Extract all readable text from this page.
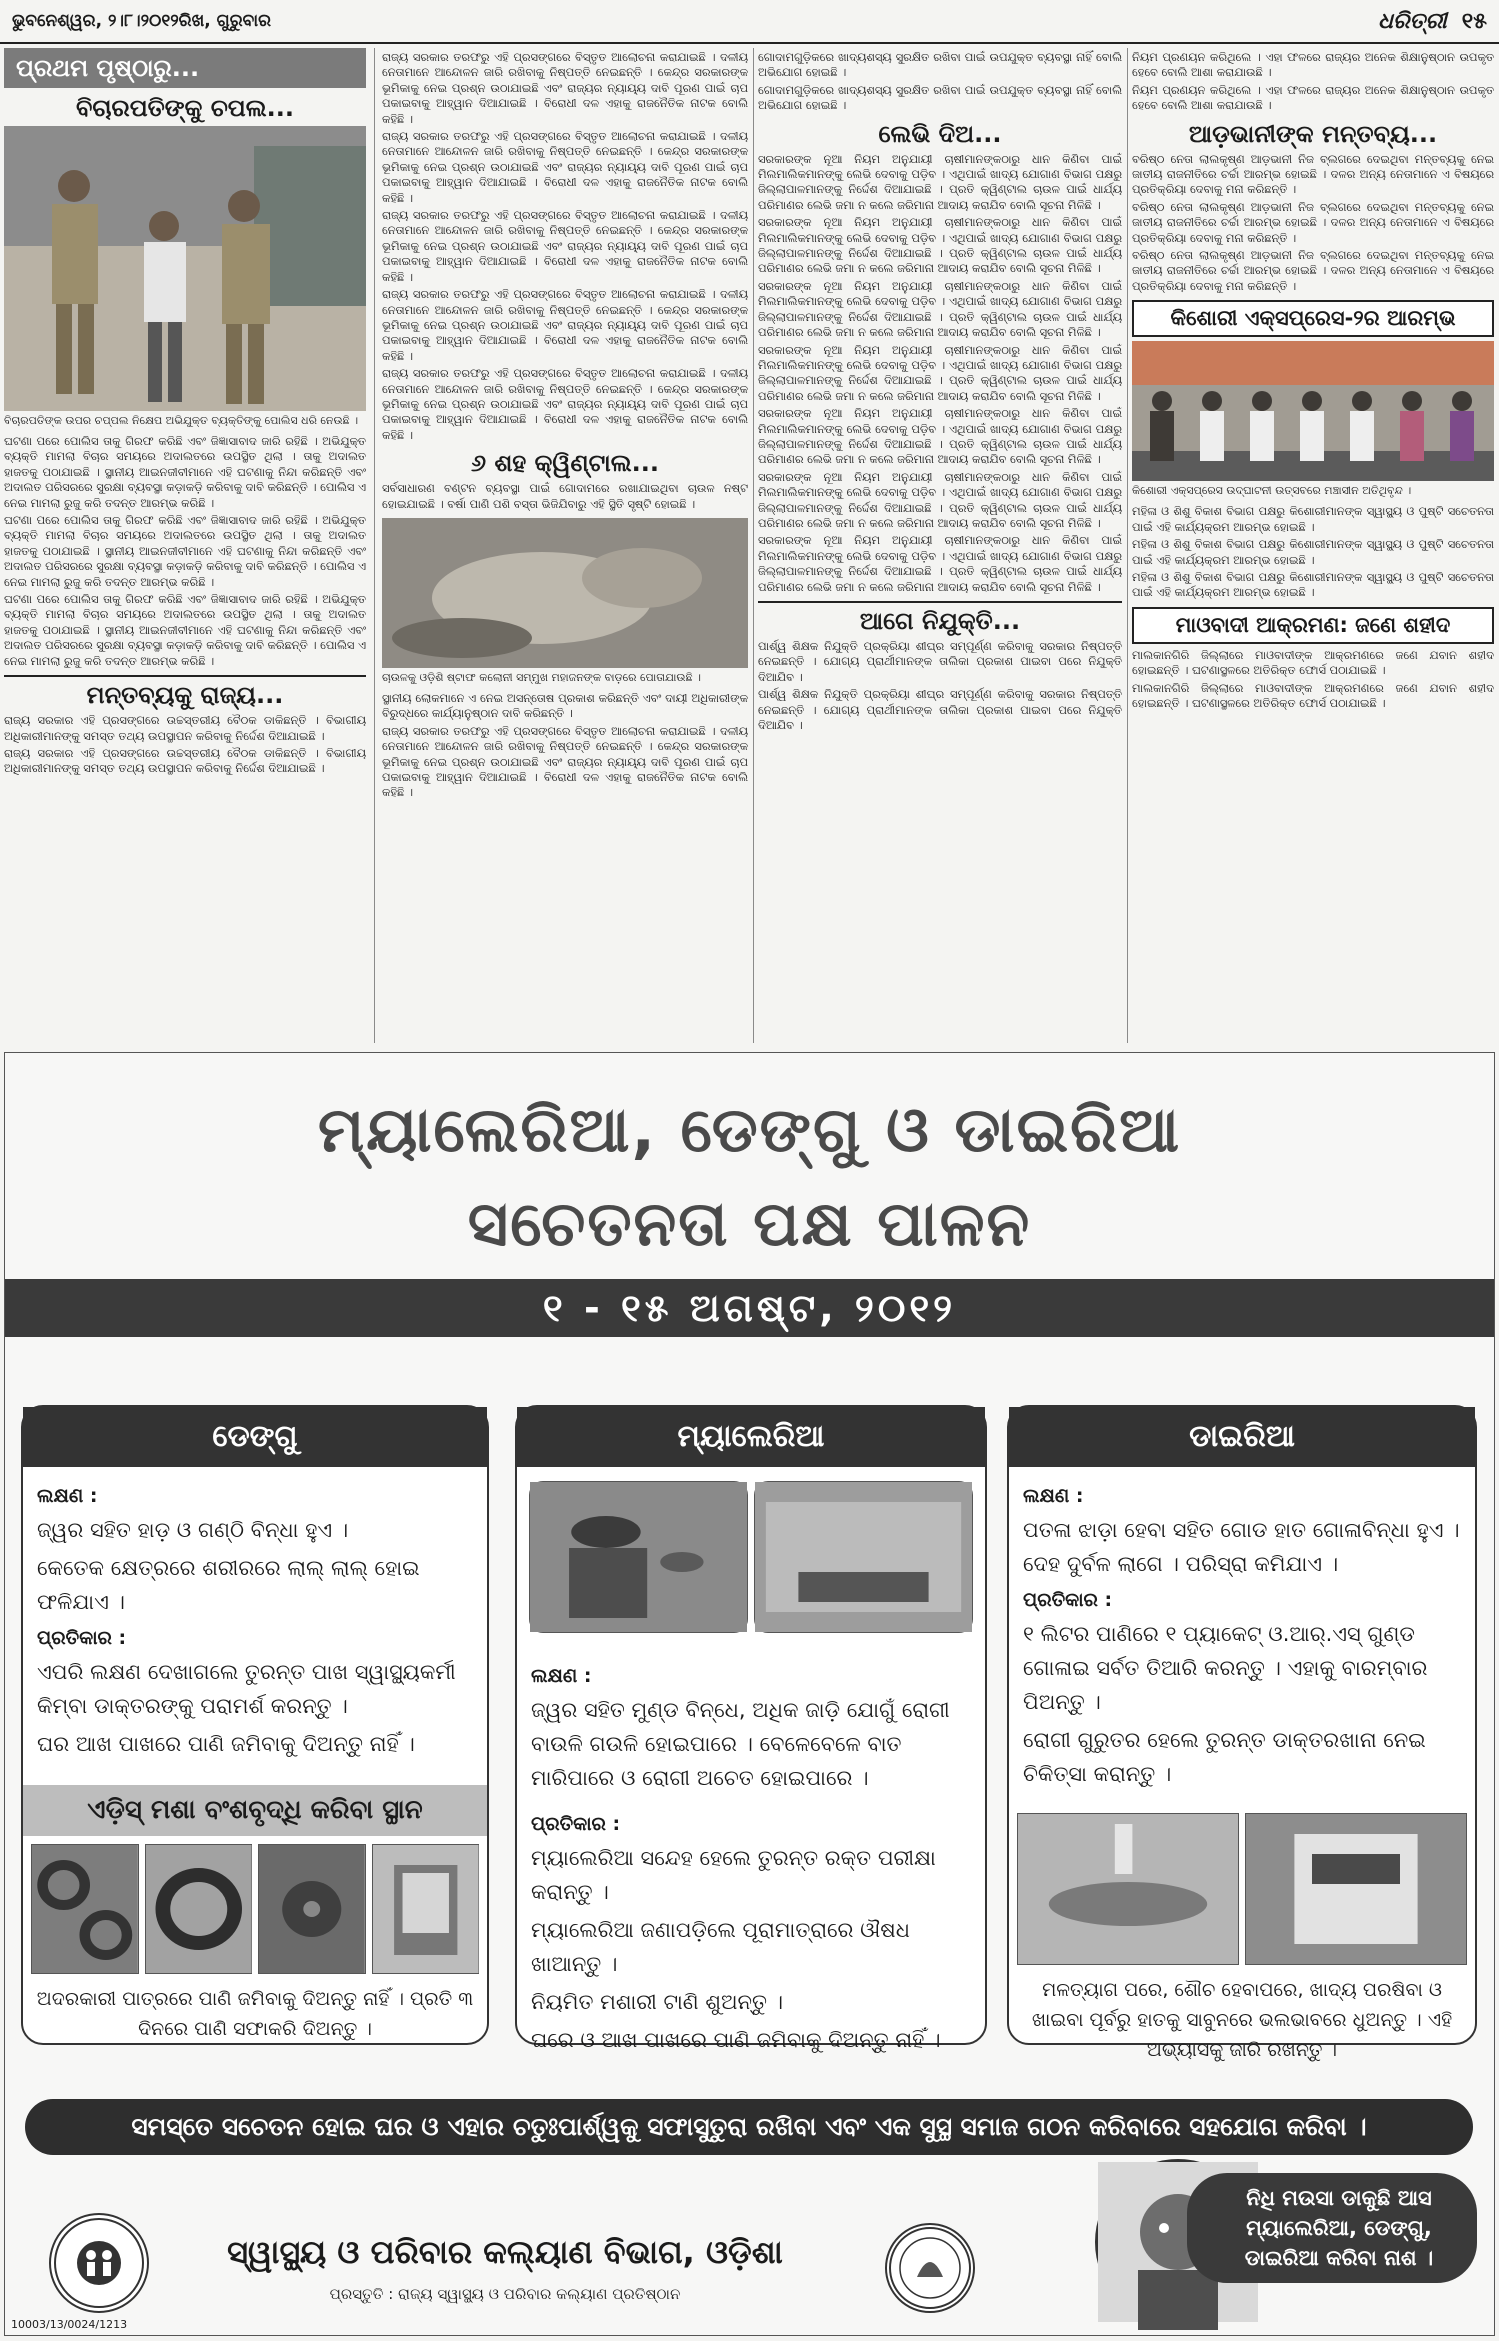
ଭୁବନେଶ୍ୱର, ୨।୮।୨୦୧୨ରିଖ, ଗୁରୁବାର	ଧରିତ୍ରୀ ୧୫
ପ୍ରଥମ ପୃଷ୍ଠାରୁ...
ବିଚାରପତିଙ୍କୁ ଚପଲ...
ବିଚାରପତିଙ୍କ ଉପର ଚପ୍ପଲ ନିକ୍ଷେପ ଅଭିଯୁକ୍ତ ବ୍ୟକ୍ତିଙ୍କୁ ପୋଲିସ ଧରି ନେଉଛି ।

ଘଟଣା ପରେ ପୋଲିସ ତାକୁ ଗିରଫ କରିଛି ଏବଂ ଜିଜ୍ଞାସାବାଦ ଜାରି ରହିଛି । ଅଭିଯୁକ୍ତ ବ୍ୟକ୍ତି ମାମଲା ବିଚାର ସମୟରେ ଅଦାଲତରେ ଉପସ୍ଥିତ ଥିଲା । ତାକୁ ଅଦାଲତ ହାଜତକୁ ପଠାଯାଇଛି । ସ୍ଥାନୀୟ ଆଇନଜୀବୀମାନେ ଏହି ଘଟଣାକୁ ନିନ୍ଦା କରିଛନ୍ତି ଏବଂ ଅଦାଲତ ପରିସରରେ ସୁରକ୍ଷା ବ୍ୟବସ୍ଥା କଡ଼ାକଡ଼ି କରିବାକୁ ଦାବି କରିଛନ୍ତି । ପୋଲିସ ଏ ନେଇ ମାମଲା ରୁଜୁ କରି ତଦନ୍ତ ଆରମ୍ଭ କରିଛି ।

ଘଟଣା ପରେ ପୋଲିସ ତାକୁ ଗିରଫ କରିଛି ଏବଂ ଜିଜ୍ଞାସାବାଦ ଜାରି ରହିଛି । ଅଭିଯୁକ୍ତ ବ୍ୟକ୍ତି ମାମଲା ବିଚାର ସମୟରେ ଅଦାଲତରେ ଉପସ୍ଥିତ ଥିଲା । ତାକୁ ଅଦାଲତ ହାଜତକୁ ପଠାଯାଇଛି । ସ୍ଥାନୀୟ ଆଇନଜୀବୀମାନେ ଏହି ଘଟଣାକୁ ନିନ୍ଦା କରିଛନ୍ତି ଏବଂ ଅଦାଲତ ପରିସରରେ ସୁରକ୍ଷା ବ୍ୟବସ୍ଥା କଡ଼ାକଡ଼ି କରିବାକୁ ଦାବି କରିଛନ୍ତି । ପୋଲିସ ଏ ନେଇ ମାମଲା ରୁଜୁ କରି ତଦନ୍ତ ଆରମ୍ଭ କରିଛି ।

ଘଟଣା ପରେ ପୋଲିସ ତାକୁ ଗିରଫ କରିଛି ଏବଂ ଜିଜ୍ଞାସାବାଦ ଜାରି ରହିଛି । ଅଭିଯୁକ୍ତ ବ୍ୟକ୍ତି ମାମଲା ବିଚାର ସମୟରେ ଅଦାଲତରେ ଉପସ୍ଥିତ ଥିଲା । ତାକୁ ଅଦାଲତ ହାଜତକୁ ପଠାଯାଇଛି । ସ୍ଥାନୀୟ ଆଇନଜୀବୀମାନେ ଏହି ଘଟଣାକୁ ନିନ୍ଦା କରିଛନ୍ତି ଏବଂ ଅଦାଲତ ପରିସରରେ ସୁରକ୍ଷା ବ୍ୟବସ୍ଥା କଡ଼ାକଡ଼ି କରିବାକୁ ଦାବି କରିଛନ୍ତି । ପୋଲିସ ଏ ନେଇ ମାମଲା ରୁଜୁ କରି ତଦନ୍ତ ଆରମ୍ଭ କରିଛି ।

ମନ୍ତବ୍ୟକୁ ରାଜ୍ୟ...

ରାଜ୍ୟ ସରକାର ଏହି ପ୍ରସଙ୍ଗରେ ଉଚ୍ଚସ୍ତରୀୟ ବୈଠକ ଡାକିଛନ୍ତି । ବିଭାଗୀୟ ଅଧିକାରୀମାନଙ୍କୁ ସମସ୍ତ ତଥ୍ୟ ଉପସ୍ଥାପନ କରିବାକୁ ନିର୍ଦ୍ଦେଶ ଦିଆଯାଇଛି ।

ରାଜ୍ୟ ସରକାର ଏହି ପ୍ରସଙ୍ଗରେ ଉଚ୍ଚସ୍ତରୀୟ ବୈଠକ ଡାକିଛନ୍ତି । ବିଭାଗୀୟ ଅଧିକାରୀମାନଙ୍କୁ ସମସ୍ତ ତଥ୍ୟ ଉପସ୍ଥାପନ କରିବାକୁ ନିର୍ଦ୍ଦେଶ ଦିଆଯାଇଛି ।

ରାଜ୍ୟ ସରକାର ତରଫରୁ ଏହି ପ୍ରସଙ୍ଗରେ ବିସ୍ତୃତ ଆଲୋଚନା କରାଯାଇଛି । ଦଳୀୟ ନେତାମାନେ ଆନ୍ଦୋଳନ ଜାରି ରଖିବାକୁ ନିଷ୍ପତ୍ତି ନେଇଛନ୍ତି । କେନ୍ଦ୍ର ସରକାରଙ୍କ ଭୂମିକାକୁ ନେଇ ପ୍ରଶ୍ନ ଉଠାଯାଇଛି ଏବଂ ରାଜ୍ୟର ନ୍ୟାୟ୍ୟ ଦାବି ପୂରଣ ପାଇଁ ଚାପ ପକାଇବାକୁ ଆହ୍ୱାନ ଦିଆଯାଇଛି । ବିରୋଧୀ ଦଳ ଏହାକୁ ରାଜନୈତିକ ନାଟକ ବୋଲି କହିଛି ।

ରାଜ୍ୟ ସରକାର ତରଫରୁ ଏହି ପ୍ରସଙ୍ଗରେ ବିସ୍ତୃତ ଆଲୋଚନା କରାଯାଇଛି । ଦଳୀୟ ନେତାମାନେ ଆନ୍ଦୋଳନ ଜାରି ରଖିବାକୁ ନିଷ୍ପତ୍ତି ନେଇଛନ୍ତି । କେନ୍ଦ୍ର ସରକାରଙ୍କ ଭୂମିକାକୁ ନେଇ ପ୍ରଶ୍ନ ଉଠାଯାଇଛି ଏବଂ ରାଜ୍ୟର ନ୍ୟାୟ୍ୟ ଦାବି ପୂରଣ ପାଇଁ ଚାପ ପକାଇବାକୁ ଆହ୍ୱାନ ଦିଆଯାଇଛି । ବିରୋଧୀ ଦଳ ଏହାକୁ ରାଜନୈତିକ ନାଟକ ବୋଲି କହିଛି ।

ରାଜ୍ୟ ସରକାର ତରଫରୁ ଏହି ପ୍ରସଙ୍ଗରେ ବିସ୍ତୃତ ଆଲୋଚନା କରାଯାଇଛି । ଦଳୀୟ ନେତାମାନେ ଆନ୍ଦୋଳନ ଜାରି ରଖିବାକୁ ନିଷ୍ପତ୍ତି ନେଇଛନ୍ତି । କେନ୍ଦ୍ର ସରକାରଙ୍କ ଭୂମିକାକୁ ନେଇ ପ୍ରଶ୍ନ ଉଠାଯାଇଛି ଏବଂ ରାଜ୍ୟର ନ୍ୟାୟ୍ୟ ଦାବି ପୂରଣ ପାଇଁ ଚାପ ପକାଇବାକୁ ଆହ୍ୱାନ ଦିଆଯାଇଛି । ବିରୋଧୀ ଦଳ ଏହାକୁ ରାଜନୈତିକ ନାଟକ ବୋଲି କହିଛି ।

ରାଜ୍ୟ ସରକାର ତରଫରୁ ଏହି ପ୍ରସଙ୍ଗରେ ବିସ୍ତୃତ ଆଲୋଚନା କରାଯାଇଛି । ଦଳୀୟ ନେତାମାନେ ଆନ୍ଦୋଳନ ଜାରି ରଖିବାକୁ ନିଷ୍ପତ୍ତି ନେଇଛନ୍ତି । କେନ୍ଦ୍ର ସରକାରଙ୍କ ଭୂମିକାକୁ ନେଇ ପ୍ରଶ୍ନ ଉଠାଯାଇଛି ଏବଂ ରାଜ୍ୟର ନ୍ୟାୟ୍ୟ ଦାବି ପୂରଣ ପାଇଁ ଚାପ ପକାଇବାକୁ ଆହ୍ୱାନ ଦିଆଯାଇଛି । ବିରୋଧୀ ଦଳ ଏହାକୁ ରାଜନୈତିକ ନାଟକ ବୋଲି କହିଛି ।

ରାଜ୍ୟ ସରକାର ତରଫରୁ ଏହି ପ୍ରସଙ୍ଗରେ ବିସ୍ତୃତ ଆଲୋଚନା କରାଯାଇଛି । ଦଳୀୟ ନେତାମାନେ ଆନ୍ଦୋଳନ ଜାରି ରଖିବାକୁ ନିଷ୍ପତ୍ତି ନେଇଛନ୍ତି । କେନ୍ଦ୍ର ସରକାରଙ୍କ ଭୂମିକାକୁ ନେଇ ପ୍ରଶ୍ନ ଉଠାଯାଇଛି ଏବଂ ରାଜ୍ୟର ନ୍ୟାୟ୍ୟ ଦାବି ପୂରଣ ପାଇଁ ଚାପ ପକାଇବାକୁ ଆହ୍ୱାନ ଦିଆଯାଇଛି । ବିରୋଧୀ ଦଳ ଏହାକୁ ରାଜନୈତିକ ନାଟକ ବୋଲି କହିଛି ।

୬ ଶହ କ୍ୱିଣ୍ଟାଲ...

ସର୍ବସାଧାରଣ ବଣ୍ଟନ ବ୍ୟବସ୍ଥା ପାଇଁ ଗୋଦାମରେ ରଖାଯାଇଥିବା ଚାଉଳ ନଷ୍ଟ ହୋଇଯାଇଛି । ବର୍ଷା ପାଣି ପଶି ବସ୍ତା ଭିଜିଯିବାରୁ ଏହି ସ୍ଥିତି ସୃଷ୍ଟି ହୋଇଛି ।

ଚାଉଳକୁ ଓଡ଼ିଶି ଷ୍ଟାଫ କଲୋନୀ ସମ୍ମୁଖ ମହାଜନଙ୍କ ବାଡ଼ରେ ପୋତାଯାଉଛି ।

ସ୍ଥାନୀୟ ଲୋକମାନେ ଏ ନେଇ ଅସନ୍ତୋଷ ପ୍ରକାଶ କରିଛନ୍ତି ଏବଂ ଦାୟୀ ଅଧିକାରୀଙ୍କ ବିରୁଦ୍ଧରେ କାର୍ଯ୍ୟାନୁଷ୍ଠାନ ଦାବି କରିଛନ୍ତି ।

ରାଜ୍ୟ ସରକାର ତରଫରୁ ଏହି ପ୍ରସଙ୍ଗରେ ବିସ୍ତୃତ ଆଲୋଚନା କରାଯାଇଛି । ଦଳୀୟ ନେତାମାନେ ଆନ୍ଦୋଳନ ଜାରି ରଖିବାକୁ ନିଷ୍ପତ୍ତି ନେଇଛନ୍ତି । କେନ୍ଦ୍ର ସରକାରଙ୍କ ଭୂମିକାକୁ ନେଇ ପ୍ରଶ୍ନ ଉଠାଯାଇଛି ଏବଂ ରାଜ୍ୟର ନ୍ୟାୟ୍ୟ ଦାବି ପୂରଣ ପାଇଁ ଚାପ ପକାଇବାକୁ ଆହ୍ୱାନ ଦିଆଯାଇଛି । ବିରୋଧୀ ଦଳ ଏହାକୁ ରାଜନୈତିକ ନାଟକ ବୋଲି କହିଛି ।

ଗୋଦାମଗୁଡ଼ିକରେ ଖାଦ୍ୟଶସ୍ୟ ସୁରକ୍ଷିତ ରଖିବା ପାଇଁ ଉପଯୁକ୍ତ ବ୍ୟବସ୍ଥା ନାହିଁ ବୋଲି ଅଭିଯୋଗ ହୋଇଛି ।

ଗୋଦାମଗୁଡ଼ିକରେ ଖାଦ୍ୟଶସ୍ୟ ସୁରକ୍ଷିତ ରଖିବା ପାଇଁ ଉପଯୁକ୍ତ ବ୍ୟବସ୍ଥା ନାହିଁ ବୋଲି ଅଭିଯୋଗ ହୋଇଛି ।

ଲେଭି ଦିଅ...

ସରକାରଙ୍କ ନୂଆ ନିୟମ ଅନୁଯାୟୀ ଚାଷୀମାନଙ୍କଠାରୁ ଧାନ କିଣିବା ପାଇଁ ମିଲମାଲିକମାନଙ୍କୁ ଲେଭି ଦେବାକୁ ପଡ଼ିବ । ଏଥିପାଇଁ ଖାଦ୍ୟ ଯୋଗାଣ ବିଭାଗ ପକ୍ଷରୁ ଜିଲ୍ଲାପାଳମାନଙ୍କୁ ନିର୍ଦ୍ଦେଶ ଦିଆଯାଇଛି । ପ୍ରତି କ୍ୱିଣ୍ଟାଲ ଚାଉଳ ପାଇଁ ଧାର୍ଯ୍ୟ ପରିମାଣର ଲେଭି ଜମା ନ କଲେ ଜରିମାନା ଆଦାୟ କରାଯିବ ବୋଲି ସୂଚନା ମିଳିଛି ।

ସରକାରଙ୍କ ନୂଆ ନିୟମ ଅନୁଯାୟୀ ଚାଷୀମାନଙ୍କଠାରୁ ଧାନ କିଣିବା ପାଇଁ ମିଲମାଲିକମାନଙ୍କୁ ଲେଭି ଦେବାକୁ ପଡ଼ିବ । ଏଥିପାଇଁ ଖାଦ୍ୟ ଯୋଗାଣ ବିଭାଗ ପକ୍ଷରୁ ଜିଲ୍ଲାପାଳମାନଙ୍କୁ ନିର୍ଦ୍ଦେଶ ଦିଆଯାଇଛି । ପ୍ରତି କ୍ୱିଣ୍ଟାଲ ଚାଉଳ ପାଇଁ ଧାର୍ଯ୍ୟ ପରିମାଣର ଲେଭି ଜମା ନ କଲେ ଜରିମାନା ଆଦାୟ କରାଯିବ ବୋଲି ସୂଚନା ମିଳିଛି ।

ସରକାରଙ୍କ ନୂଆ ନିୟମ ଅନୁଯାୟୀ ଚାଷୀମାନଙ୍କଠାରୁ ଧାନ କିଣିବା ପାଇଁ ମିଲମାଲିକମାନଙ୍କୁ ଲେଭି ଦେବାକୁ ପଡ଼ିବ । ଏଥିପାଇଁ ଖାଦ୍ୟ ଯୋଗାଣ ବିଭାଗ ପକ୍ଷରୁ ଜିଲ୍ଲାପାଳମାନଙ୍କୁ ନିର୍ଦ୍ଦେଶ ଦିଆଯାଇଛି । ପ୍ରତି କ୍ୱିଣ୍ଟାଲ ଚାଉଳ ପାଇଁ ଧାର୍ଯ୍ୟ ପରିମାଣର ଲେଭି ଜମା ନ କଲେ ଜରିମାନା ଆଦାୟ କରାଯିବ ବୋଲି ସୂଚନା ମିଳିଛି ।

ସରକାରଙ୍କ ନୂଆ ନିୟମ ଅନୁଯାୟୀ ଚାଷୀମାନଙ୍କଠାରୁ ଧାନ କିଣିବା ପାଇଁ ମିଲମାଲିକମାନଙ୍କୁ ଲେଭି ଦେବାକୁ ପଡ଼ିବ । ଏଥିପାଇଁ ଖାଦ୍ୟ ଯୋଗାଣ ବିଭାଗ ପକ୍ଷରୁ ଜିଲ୍ଲାପାଳମାନଙ୍କୁ ନିର୍ଦ୍ଦେଶ ଦିଆଯାଇଛି । ପ୍ରତି କ୍ୱିଣ୍ଟାଲ ଚାଉଳ ପାଇଁ ଧାର୍ଯ୍ୟ ପରିମାଣର ଲେଭି ଜମା ନ କଲେ ଜରିମାନା ଆଦାୟ କରାଯିବ ବୋଲି ସୂଚନା ମିଳିଛି ।

ସରକାରଙ୍କ ନୂଆ ନିୟମ ଅନୁଯାୟୀ ଚାଷୀମାନଙ୍କଠାରୁ ଧାନ କିଣିବା ପାଇଁ ମିଲମାଲିକମାନଙ୍କୁ ଲେଭି ଦେବାକୁ ପଡ଼ିବ । ଏଥିପାଇଁ ଖାଦ୍ୟ ଯୋଗାଣ ବିଭାଗ ପକ୍ଷରୁ ଜିଲ୍ଲାପାଳମାନଙ୍କୁ ନିର୍ଦ୍ଦେଶ ଦିଆଯାଇଛି । ପ୍ରତି କ୍ୱିଣ୍ଟାଲ ଚାଉଳ ପାଇଁ ଧାର୍ଯ୍ୟ ପରିମାଣର ଲେଭି ଜମା ନ କଲେ ଜରିମାନା ଆଦାୟ କରାଯିବ ବୋଲି ସୂଚନା ମିଳିଛି ।

ସରକାରଙ୍କ ନୂଆ ନିୟମ ଅନୁଯାୟୀ ଚାଷୀମାନଙ୍କଠାରୁ ଧାନ କିଣିବା ପାଇଁ ମିଲମାଲିକମାନଙ୍କୁ ଲେଭି ଦେବାକୁ ପଡ଼ିବ । ଏଥିପାଇଁ ଖାଦ୍ୟ ଯୋଗାଣ ବିଭାଗ ପକ୍ଷରୁ ଜିଲ୍ଲାପାଳମାନଙ୍କୁ ନିର୍ଦ୍ଦେଶ ଦିଆଯାଇଛି । ପ୍ରତି କ୍ୱିଣ୍ଟାଲ ଚାଉଳ ପାଇଁ ଧାର୍ଯ୍ୟ ପରିମାଣର ଲେଭି ଜମା ନ କଲେ ଜରିମାନା ଆଦାୟ କରାଯିବ ବୋଲି ସୂଚନା ମିଳିଛି ।

ସରକାରଙ୍କ ନୂଆ ନିୟମ ଅନୁଯାୟୀ ଚାଷୀମାନଙ୍କଠାରୁ ଧାନ କିଣିବା ପାଇଁ ମିଲମାଲିକମାନଙ୍କୁ ଲେଭି ଦେବାକୁ ପଡ଼ିବ । ଏଥିପାଇଁ ଖାଦ୍ୟ ଯୋଗାଣ ବିଭାଗ ପକ୍ଷରୁ ଜିଲ୍ଲାପାଳମାନଙ୍କୁ ନିର୍ଦ୍ଦେଶ ଦିଆଯାଇଛି । ପ୍ରତି କ୍ୱିଣ୍ଟାଲ ଚାଉଳ ପାଇଁ ଧାର୍ଯ୍ୟ ପରିମାଣର ଲେଭି ଜମା ନ କଲେ ଜରିମାନା ଆଦାୟ କରାଯିବ ବୋଲି ସୂଚନା ମିଳିଛି ।

ଆଗେ ନିଯୁକ୍ତି...

ପାର୍ଶ୍ୱ ଶିକ୍ଷକ ନିଯୁକ୍ତି ପ୍ରକ୍ରିୟା ଶୀଘ୍ର ସମ୍ପୂର୍ଣ୍ଣ କରିବାକୁ ସରକାର ନିଷ୍ପତ୍ତି ନେଇଛନ୍ତି । ଯୋଗ୍ୟ ପ୍ରାର୍ଥୀମାନଙ୍କ ତାଲିକା ପ୍ରକାଶ ପାଇବା ପରେ ନିଯୁକ୍ତି ଦିଆଯିବ ।

ପାର୍ଶ୍ୱ ଶିକ୍ଷକ ନିଯୁକ୍ତି ପ୍ରକ୍ରିୟା ଶୀଘ୍ର ସମ୍ପୂର୍ଣ୍ଣ କରିବାକୁ ସରକାର ନିଷ୍ପତ୍ତି ନେଇଛନ୍ତି । ଯୋଗ୍ୟ ପ୍ରାର୍ଥୀମାନଙ୍କ ତାଲିକା ପ୍ରକାଶ ପାଇବା ପରେ ନିଯୁକ୍ତି ଦିଆଯିବ ।

ନିୟମ ପ୍ରଣୟନ କରିଥିଲେ । ଏହା ଫଳରେ ରାଜ୍ୟର ଅନେକ ଶିକ୍ଷାନୁଷ୍ଠାନ ଉପକୃତ ହେବେ ବୋଲି ଆଶା କରାଯାଉଛି ।

ନିୟମ ପ୍ରଣୟନ କରିଥିଲେ । ଏହା ଫଳରେ ରାଜ୍ୟର ଅନେକ ଶିକ୍ଷାନୁଷ୍ଠାନ ଉପକୃତ ହେବେ ବୋଲି ଆଶା କରାଯାଉଛି ।

ଆଡ଼ଭାନୀଙ୍କ ମନ୍ତବ୍ୟ...

ବରିଷ୍ଠ ନେତା ଲାଲକୃଷ୍ଣ ଆଡ଼ଭାନୀ ନିଜ ବ୍ଲଗରେ ଦେଇଥିବା ମନ୍ତବ୍ୟକୁ ନେଇ ଜାତୀୟ ରାଜନୀତିରେ ଚର୍ଚ୍ଚା ଆରମ୍ଭ ହୋଇଛି । ଦଳର ଅନ୍ୟ ନେତାମାନେ ଏ ବିଷୟରେ ପ୍ରତିକ୍ରିୟା ଦେବାକୁ ମନା କରିଛନ୍ତି ।

ବରିଷ୍ଠ ନେତା ଲାଲକୃଷ୍ଣ ଆଡ଼ଭାନୀ ନିଜ ବ୍ଲଗରେ ଦେଇଥିବା ମନ୍ତବ୍ୟକୁ ନେଇ ଜାତୀୟ ରାଜନୀତିରେ ଚର୍ଚ୍ଚା ଆରମ୍ଭ ହୋଇଛି । ଦଳର ଅନ୍ୟ ନେତାମାନେ ଏ ବିଷୟରେ ପ୍ରତିକ୍ରିୟା ଦେବାକୁ ମନା କରିଛନ୍ତି ।

ବରିଷ୍ଠ ନେତା ଲାଲକୃଷ୍ଣ ଆଡ଼ଭାନୀ ନିଜ ବ୍ଲଗରେ ଦେଇଥିବା ମନ୍ତବ୍ୟକୁ ନେଇ ଜାତୀୟ ରାଜନୀତିରେ ଚର୍ଚ୍ଚା ଆରମ୍ଭ ହୋଇଛି । ଦଳର ଅନ୍ୟ ନେତାମାନେ ଏ ବିଷୟରେ ପ୍ରତିକ୍ରିୟା ଦେବାକୁ ମନା କରିଛନ୍ତି ।

କିଶୋରୀ ଏକ୍ସପ୍ରେସ-୨ର ଆରମ୍ଭ
କିଶୋରୀ ଏକ୍ସପ୍ରେସ ଉଦ୍‌ଘାଟନୀ ଉତ୍ସବରେ ମଞ୍ଚାସୀନ ଅତିଥିବୃନ୍ଦ ।

ମହିଳା ଓ ଶିଶୁ ବିକାଶ ବିଭାଗ ପକ୍ଷରୁ କିଶୋରୀମାନଙ୍କ ସ୍ୱାସ୍ଥ୍ୟ ଓ ପୁଷ୍ଟି ସଚେତନତା ପାଇଁ ଏହି କାର୍ଯ୍ୟକ୍ରମ ଆରମ୍ଭ ହୋଇଛି ।

ମହିଳା ଓ ଶିଶୁ ବିକାଶ ବିଭାଗ ପକ୍ଷରୁ କିଶୋରୀମାନଙ୍କ ସ୍ୱାସ୍ଥ୍ୟ ଓ ପୁଷ୍ଟି ସଚେତନତା ପାଇଁ ଏହି କାର୍ଯ୍ୟକ୍ରମ ଆରମ୍ଭ ହୋଇଛି ।

ମହିଳା ଓ ଶିଶୁ ବିକାଶ ବିଭାଗ ପକ୍ଷରୁ କିଶୋରୀମାନଙ୍କ ସ୍ୱାସ୍ଥ୍ୟ ଓ ପୁଷ୍ଟି ସଚେତନତା ପାଇଁ ଏହି କାର୍ଯ୍ୟକ୍ରମ ଆରମ୍ଭ ହୋଇଛି ।

ମାଓବାଦୀ ଆକ୍ରମଣ: ଜଣେ ଶହୀଦ

ମାଲକାନଗିରି ଜିଲ୍ଲାରେ ମାଓବାଦୀଙ୍କ ଆକ୍ରମଣରେ ଜଣେ ଯବାନ ଶହୀଦ ହୋଇଛନ୍ତି । ଘଟଣାସ୍ଥଳରେ ଅତିରିକ୍ତ ଫୋର୍ସ ପଠାଯାଇଛି ।

ମାଲକାନଗିରି ଜିଲ୍ଲାରେ ମାଓବାଦୀଙ୍କ ଆକ୍ରମଣରେ ଜଣେ ଯବାନ ଶହୀଦ ହୋଇଛନ୍ତି । ଘଟଣାସ୍ଥଳରେ ଅତିରିକ୍ତ ଫୋର୍ସ ପଠାଯାଇଛି ।

ମ୍ୟାଲେରିଆ, ଡେଙ୍ଗୁ ଓ ଡାଇରିଆ
ସଚେତନତା ପକ୍ଷ ପାଳନ
୧ - ୧୫ ଅଗଷ୍ଟ, ୨୦୧୨
ଡେଙ୍ଗୁ
ଲକ୍ଷଣ :

ଜ୍ୱର ସହିତ ହାଡ଼ ଓ ଗଣ୍ଠି ବିନ୍ଧା ହୁଏ ।

କେତେକ କ୍ଷେତ୍ରରେ ଶରୀରରେ ଲାଲ୍ ଲାଲ୍ ହୋଇ ଫଳିଯାଏ ।

ପ୍ରତିକାର :

ଏପରି ଲକ୍ଷଣ ଦେଖାଗଲେ ତୁରନ୍ତ ପାଖ ସ୍ୱାସ୍ଥ୍ୟକର୍ମୀ କିମ୍ବା ଡାକ୍ତରଙ୍କୁ ପରାମର୍ଶ କରନ୍ତୁ ।

ଘର ଆଖ ପାଖରେ ପାଣି ଜମିବାକୁ ଦିଅନ୍ତୁ ନାହିଁ ।

ଏଡ଼ିସ୍ ମଶା ବଂଶବୃଦ୍ଧି କରିବା ସ୍ଥାନ
ଅଦରକାରୀ ପାତ୍ରରେ ପାଣି ଜମିବାକୁ ଦିଅନ୍ତୁ ନାହିଁ । ପ୍ରତି ୩ ଦିନରେ ପାଣି ସଫାକରି ଦିଅନ୍ତୁ ।
ମ୍ୟାଲେରିଆ
ଲକ୍ଷଣ :

ଜ୍ୱର ସହିତ ମୁଣ୍ଡ ବିନ୍ଧେ, ଅଧିକ ଜାଡ଼ି ଯୋଗୁଁ ରୋଗୀ ବାଉଳି ଗଉଳି ହୋଇପାରେ । ବେଳେବେଳେ ବାତ ମାରିପାରେ ଓ ରୋଗୀ ଅଚେତ ହୋଇପାରେ ।

ପ୍ରତିକାର :

ମ୍ୟାଲେରିଆ ସନ୍ଦେହ ହେଲେ ତୁରନ୍ତ ରକ୍ତ ପରୀକ୍ଷା କରାନ୍ତୁ ।

ମ୍ୟାଲେରିଆ ଜଣାପଡ଼ିଲେ ପୂରାମାତ୍ରାରେ ଔଷଧ ଖାଆନ୍ତୁ ।

ନିୟମିତ ମଶାରୀ ଟାଣି ଶୁଅନ୍ତୁ ।

ଘରେ ଓ ଆଖ ପାଖରେ ପାଣି ଜମିବାକୁ ଦିଅନ୍ତୁ ନାହିଁ ।

ଡାଇରିଆ
ଲକ୍ଷଣ :

ପତଳା ଝାଡ଼ା ହେବା ସହିତ ଗୋଡ ହାତ ଗୋଳାବିନ୍ଧା ହୁଏ । ଦେହ ଦୁର୍ବଳ ଲାଗେ । ପରିସ୍ରା କମିଯାଏ ।

ପ୍ରତିକାର :

୧ ଲିଟର ପାଣିରେ ୧ ପ୍ୟାକେଟ୍ ଓ.ଆର୍.ଏସ୍ ଗୁଣ୍ଡ ଗୋଳାଇ ସର୍ବତ ତିଆରି କରନ୍ତୁ । ଏହାକୁ ବାରମ୍ବାର ପିଅନ୍ତୁ ।

ରୋଗୀ ଗୁରୁତର ହେଲେ ତୁରନ୍ତ ଡାକ୍ତରଖାନା ନେଇ ଚିକିତ୍ସା କରାନ୍ତୁ ।

ମଳତ୍ୟାଗ ପରେ, ଶୌଚ ହେବାପରେ, ଖାଦ୍ୟ ପରଷିବା ଓ ଖାଇବା ପୂର୍ବରୁ ହାତକୁ ସାବୁନରେ ଭଲଭାବରେ ଧୁଅନ୍ତୁ । ଏହି ଅଭ୍ୟାସକୁ ଜାରି ରଖନ୍ତୁ ।
ସମସ୍ତେ ସଚେତନ ହୋଇ ଘର ଓ ଏହାର ଚତୁଃପାର୍ଶ୍ୱକୁ ସଫାସୁତୁରା ରଖିବା ଏବଂ ଏକ ସୁସ୍ଥ ସମାଜ ଗଠନ କରିବାରେ ସହଯୋଗ କରିବା ।
ସ୍ୱାସ୍ଥ୍ୟ ଓ ପରିବାର କଲ୍ୟାଣ ବିଭାଗ, ଓଡ଼ିଶା
ପ୍ରସ୍ତୁତି : ରାଜ୍ୟ ସ୍ୱାସ୍ଥ୍ୟ ଓ ପରିବାର କଲ୍ୟାଣ ପ୍ରତିଷ୍ଠାନ
ନିଧି ମଉସା ଡାକୁଛି ଆସ ମ୍ୟାଲେରିଆ, ଡେଙ୍ଗୁ, ଡାଇରିଆ କରିବା ନାଶ ।
10003/13/0024/1213
